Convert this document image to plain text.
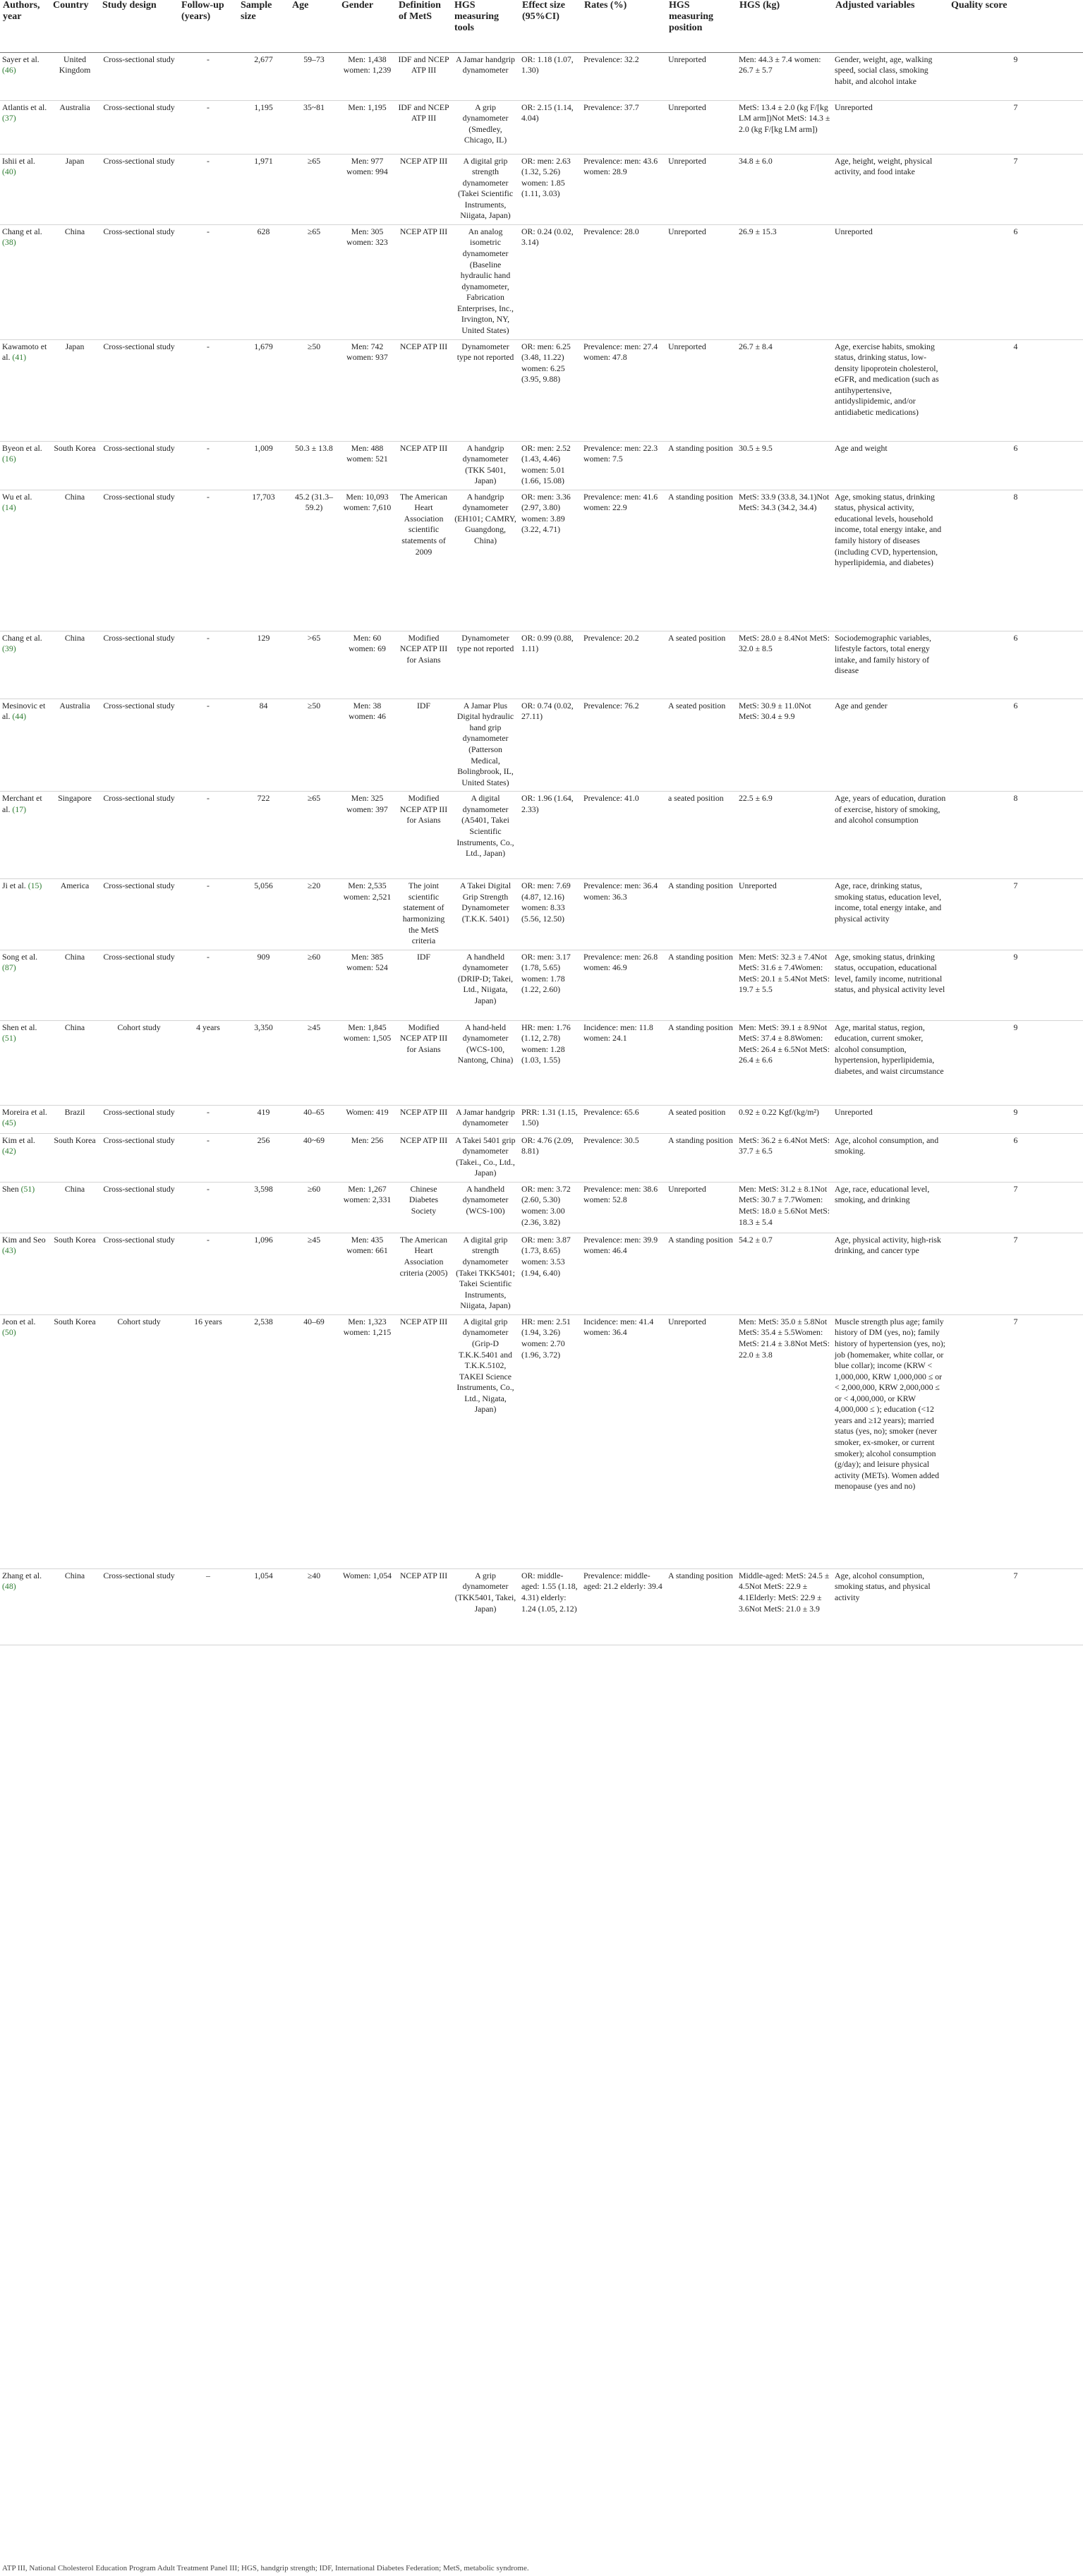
Authors, year	Country	Study design	Follow-up (years)	Sample size	Age	Gender	Definition of MetS	HGS measuring tools	Effect size (95%CI)	Rates (%)	HGS measuring position	HGS (kg)	Adjusted variables	Quality score
Sayer et al. (46)	United Kingdom	Cross-sectional study	-	2,677	59–73	Men: 1,438 women: 1,239	IDF and NCEP ATP III	A Jamar handgrip dynamometer	OR: 1.18 (1.07, 1.30)	Prevalence: 32.2	Unreported	Men: 44.3 ± 7.4 women: 26.7 ± 5.7	Gender, weight, age, walking speed, social class, smoking habit, and alcohol intake	9
Atlantis et al. (37)	Australia	Cross-sectional study	-	1,195	35~81	Men: 1,195	IDF and NCEP ATP III	A grip dynamometer (Smedley, Chicago, IL)	OR: 2.15 (1.14, 4.04)	Prevalence: 37.7	Unreported	MetS: 13.4 ± 2.0 (kg F/[kg LM arm])Not MetS: 14.3 ± 2.0 (kg F/[kg LM arm])	Unreported	7
Ishii et al. (40)	Japan	Cross-sectional study	-	1,971	≥65	Men: 977 women: 994	NCEP ATP III	A digital grip strength dynamometer (Takei Scientific Instruments, Niigata, Japan)	OR: men: 2.63 (1.32, 5.26) women: 1.85 (1.11, 3.03)	Prevalence: men: 43.6 women: 28.9	Unreported	34.8 ± 6.0	Age, height, weight, physical activity, and food intake	7
Chang et al. (38)	China	Cross-sectional study	-	628	≥65	Men: 305 women: 323	NCEP ATP III	An analog isometric dynamometer (Baseline hydraulic hand dynamometer, Fabrication Enterprises, Inc., Irvington, NY, United States)	OR: 0.24 (0.02, 3.14)	Prevalence: 28.0	Unreported	26.9 ± 15.3	Unreported	6
Kawamoto et al. (41)	Japan	Cross-sectional study	-	1,679	≥50	Men: 742 women: 937	NCEP ATP III	Dynamometer type not reported	OR: men: 6.25 (3.48, 11.22) women: 6.25 (3.95, 9.88)	Prevalence: men: 27.4 women: 47.8	Unreported	26.7 ± 8.4	Age, exercise habits, smoking status, drinking status, low-density lipoprotein cholesterol, eGFR, and medication (such as antihypertensive, antidyslipidemic, and/or antidiabetic medications)	4
Byeon et al. (16)	South Korea	Cross-sectional study	-	1,009	50.3 ± 13.8	Men: 488 women: 521	NCEP ATP III	A handgrip dynamometer (TKK 5401, Japan)	OR: men: 2.52 (1.43, 4.46) women: 5.01 (1.66, 15.08)	Prevalence: men: 22.3 women: 7.5	A standing position	30.5 ± 9.5	Age and weight	6
Wu et al. (14)	China	Cross-sectional study	-	17,703	45.2 (31.3–59.2)	Men: 10,093 women: 7,610	The American Heart Association scientific statements of 2009	A handgrip dynamometer (EH101; CAMRY, Guangdong, China)	OR: men: 3.36 (2.97, 3.80) women: 3.89 (3.22, 4.71)	Prevalence: men: 41.6 women: 22.9	A standing position	MetS: 33.9 (33.8, 34.1)Not MetS: 34.3 (34.2, 34.4)	Age, smoking status, drinking status, physical activity, educational levels, household income, total energy intake, and family history of diseases (including CVD, hypertension, hyperlipidemia, and diabetes)	8
Chang et al. (39)	China	Cross-sectional study	-	129	>65	Men: 60 women: 69	Modified NCEP ATP III for Asians	Dynamometer type not reported	OR: 0.99 (0.88, 1.11)	Prevalence: 20.2	A seated position	MetS: 28.0 ± 8.4Not MetS: 32.0 ± 8.5	Sociodemographic variables, lifestyle factors, total energy intake, and family history of disease	6
Mesinovic et al. (44)	Australia	Cross-sectional study	-	84	≥50	Men: 38 women: 46	IDF	A Jamar Plus Digital hydraulic hand grip dynamometer (Patterson Medical, Bolingbrook, IL, United States)	OR: 0.74 (0.02, 27.11)	Prevalence: 76.2	A seated position	MetS: 30.9 ± 11.0Not MetS: 30.4 ± 9.9	Age and gender	6
Merchant et al. (17)	Singapore	Cross-sectional study	-	722	≥65	Men: 325 women: 397	Modified NCEP ATP III for Asians	A digital dynamometer (A5401, Takei Scientific Instruments, Co., Ltd., Japan)	OR: 1.96 (1.64, 2.33)	Prevalence: 41.0	a seated position	22.5 ± 6.9	Age, years of education, duration of exercise, history of smoking, and alcohol consumption	8
Ji et al. (15)	America	Cross-sectional study	-	5,056	≥20	Men: 2,535 women: 2,521	The joint scientific statement of harmonizing the MetS criteria	A Takei Digital Grip Strength Dynamometer (T.K.K. 5401)	OR: men: 7.69 (4.87, 12.16) women: 8.33 (5.56, 12.50)	Prevalence: men: 36.4 women: 36.3	A standing position	Unreported	Age, race, drinking status, smoking status, education level, income, total energy intake, and physical activity	7
Song et al. (87)	China	Cross-sectional study	-	909	≥60	Men: 385 women: 524	IDF	A handheld dynamometer (DRIP-D; Takei, Ltd., Niigata, Japan)	OR: men: 3.17 (1.78, 5.65) women: 1.78 (1.22, 2.60)	Prevalence: men: 26.8 women: 46.9	A standing position	Men: MetS: 32.3 ± 7.4Not MetS: 31.6 ± 7.4Women: MetS: 20.1 ± 5.4Not MetS: 19.7 ± 5.5	Age, smoking status, drinking status, occupation, educational level, family income, nutritional status, and physical activity level	9
Shen et al. (51)	China	Cohort study	4 years	3,350	≥45	Men: 1,845 women: 1,505	Modified NCEP ATP III for Asians	A hand-held dynamometer (WCS-100, Nantong, China)	HR: men: 1.76 (1.12, 2.78) women: 1.28 (1.03, 1.55)	Incidence: men: 11.8 women: 24.1	A standing position	Men: MetS: 39.1 ± 8.9Not MetS: 37.4 ± 8.8Women: MetS: 26.4 ± 6.5Not MetS: 26.4 ± 6.6	Age, marital status, region, education, current smoker, alcohol consumption, hypertension, hyperlipidemia, diabetes, and waist circumstance	9
Moreira et al. (45)	Brazil	Cross-sectional study	-	419	40–65	Women: 419	NCEP ATP III	A Jamar handgrip dynamometer	PRR: 1.31 (1.15, 1.50)	Prevalence: 65.6	A seated position	0.92 ± 0.22 Kgf/(kg/m²)	Unreported	9
Kim et al. (42)	South Korea	Cross-sectional study	-	256	40~69	Men: 256	NCEP ATP III	A Takei 5401 grip dynamometer (Takei., Co., Ltd., Japan)	OR: 4.76 (2.09, 8.81)	Prevalence: 30.5	A standing position	MetS: 36.2 ± 6.4Not MetS: 37.7 ± 6.5	Age, alcohol consumption, and smoking.	6
Shen (51)	China	Cross-sectional study	-	3,598	≥60	Men: 1,267 women: 2,331	Chinese Diabetes Society	A handheld dynamometer (WCS-100)	OR: men: 3.72 (2.60, 5.30) women: 3.00 (2.36, 3.82)	Prevalence: men: 38.6 women: 52.8	Unreported	Men: MetS: 31.2 ± 8.1Not MetS: 30.7 ± 7.7Women: MetS: 18.0 ± 5.6Not MetS: 18.3 ± 5.4	Age, race, educational level, smoking, and drinking	7
Kim and Seo (43)	South Korea	Cross-sectional study	-	1,096	≥45	Men: 435 women: 661	The American Heart Association criteria (2005)	A digital grip strength dynamometer (Takei TKK5401; Takei Scientific Instruments, Niigata, Japan)	OR: men: 3.87 (1.73, 8.65) women: 3.53 (1.94, 6.40)	Prevalence: men: 39.9 women: 46.4	A standing position	54.2 ± 0.7	Age, physical activity, high-risk drinking, and cancer type	7
Jeon et al. (50)	South Korea	Cohort study	16 years	2,538	40–69	Men: 1,323 women: 1,215	NCEP ATP III	A digital grip dynamometer (Grip-D T.K.K.5401 and T.K.K.5102, TAKEI Science Instruments, Co., Ltd., Nigata, Japan)	HR: men: 2.51 (1.94, 3.26) women: 2.70 (1.96, 3.72)	Incidence: men: 41.4 women: 36.4	Unreported	Men: MetS: 35.0 ± 5.8Not MetS: 35.4 ± 5.5Women: MetS: 21.4 ± 3.8Not MetS: 22.0 ± 3.8	Muscle strength plus age; family history of DM (yes, no); family history of hypertension (yes, no); job (homemaker, white collar, or blue collar); income (KRW < 1,000,000, KRW 1,000,000 ≤ or < 2,000,000, KRW 2,000,000 ≤ or < 4,000,000, or KRW 4,000,000 ≤ ); education (<12 years and ≥12 years); married status (yes, no); smoker (never smoker, ex-smoker, or current smoker); alcohol consumption (g/day); and leisure physical activity (METs). Women added menopause (yes and no)	7
Zhang et al. (48)	China	Cross-sectional study	–	1,054	≥40	Women: 1,054	NCEP ATP III	A grip dynamometer (TKK5401, Takei, Japan)	OR: middle-aged: 1.55 (1.18, 4.31) elderly: 1.24 (1.05, 2.12)	Prevalence: middle-aged: 21.2 elderly: 39.4	A standing position	Middle-aged: MetS: 24.5 ± 4.5Not MetS: 22.9 ± 4.1Elderly: MetS: 22.9 ± 3.6Not MetS: 21.0 ± 3.9	Age, alcohol consumption, smoking status, and physical activity	7
ATP III, National Cholesterol Education Program Adult Treatment Panel III; HGS, handgrip strength; IDF, International Diabetes Federation; MetS, metabolic syndrome.
